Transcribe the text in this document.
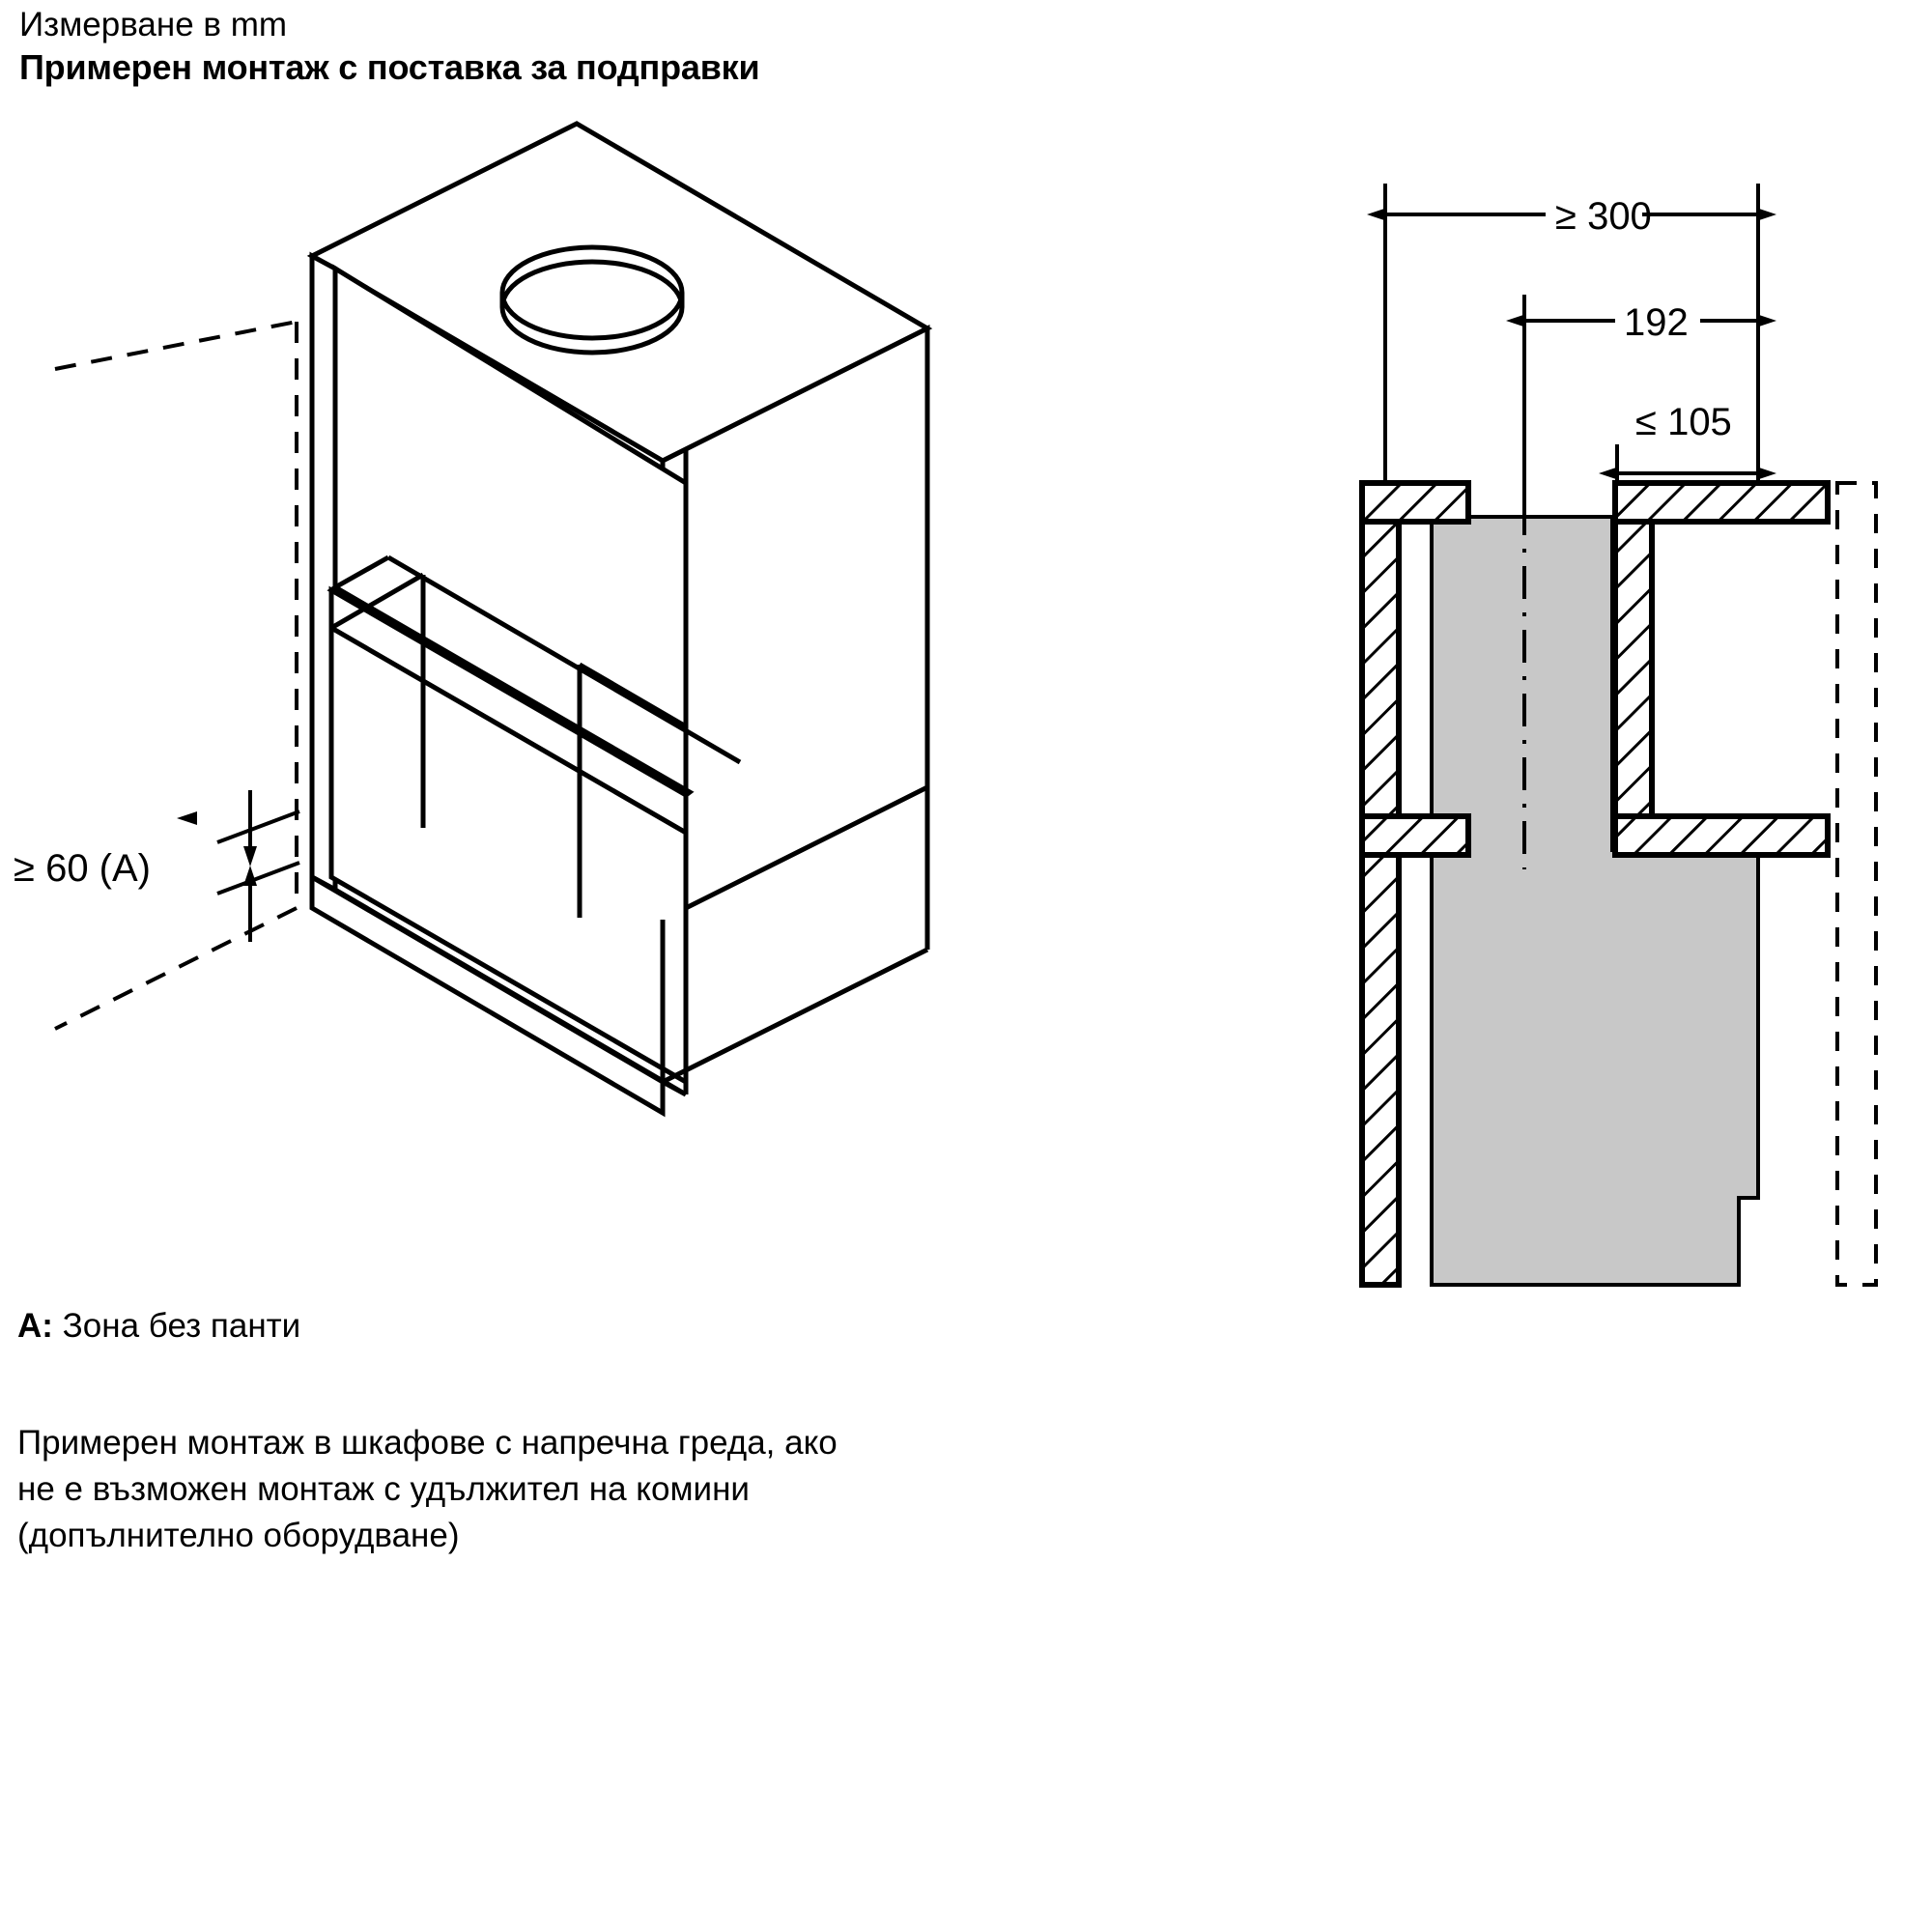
Измерване в mm
Примерен монтаж с поставка за подправки
A: Зона без панти
Примерен монтаж в шкафове с напречна греда, ако
не е възможен монтаж с удължител на комини
(допълнително оборудване)
≥ 60 (A)
≥ 300
192
≤ 105
